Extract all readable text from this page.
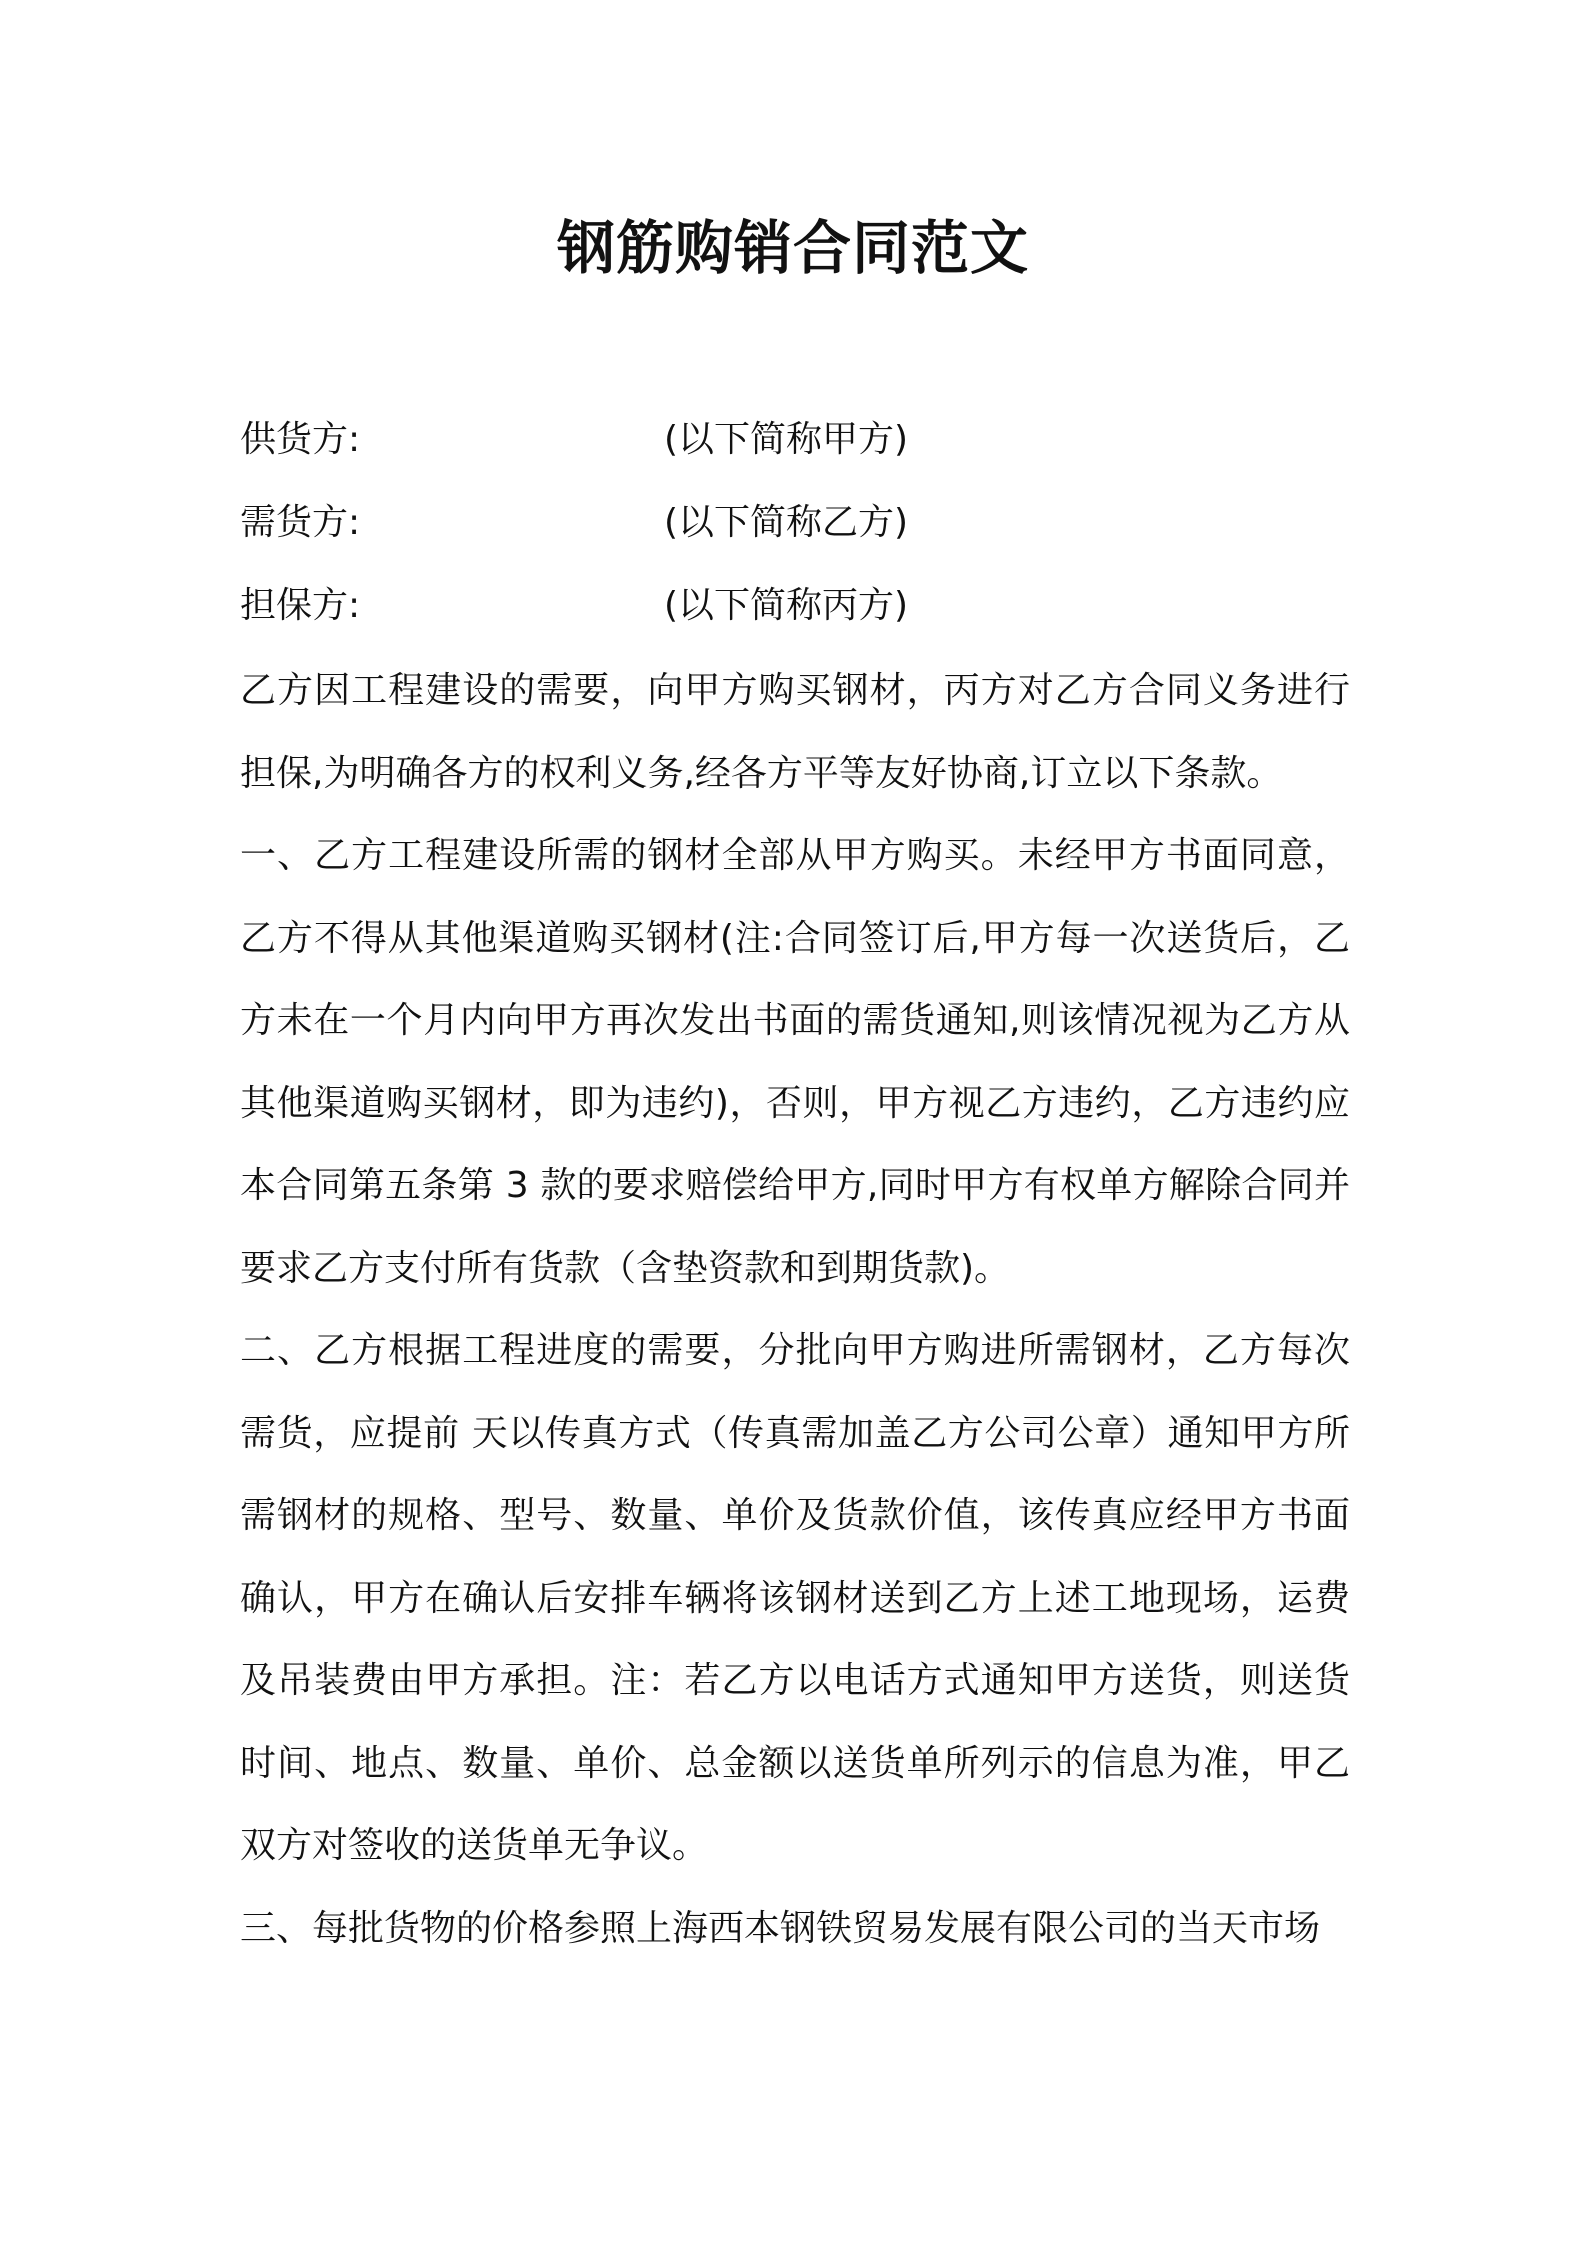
钢筋购销合同范文
供货方:	(以下简称甲方)
需货方:	(以下简称乙方)
担保方:	(以下简称丙方)

乙方因工程建设的需要，向甲方购买钢材，丙方对乙方合同义务进行担保,为明确各方的权利义务,经各方平等友好协商,订立以下条款。

一、乙方工程建设所需的钢材全部从甲方购买。未经甲方书面同意，乙方不得从其他渠道购买钢材(注:合同签订后,甲方每一次送货后，乙方未在一个月内向甲方再次发出书面的需货通知,则该情况视为乙方从其他渠道购买钢材，即为违约)，否则，甲方视乙方违约，乙方违约应本合同第五条第 3 款的要求赔偿给甲方,同时甲方有权单方解除合同并要求乙方支付所有货款（含垫资款和到期货款)。

二、乙方根据工程进度的需要，分批向甲方购进所需钢材，乙方每次需货，应提前 天以传真方式（传真需加盖乙方公司公章）通知甲方所需钢材的规格、型号、数量、单价及货款价值，该传真应经甲方书面确认，甲方在确认后安排车辆将该钢材送到乙方上述工地现场，运费及吊装费由甲方承担。注：若乙方以电话方式通知甲方送货，则送货时间、地点、数量、单价、总金额以送货单所列示的信息为准，甲乙双方对签收的送货单无争议。

三、每批货物的价格参照上海西本钢铁贸易发展有限公司的当天市场
